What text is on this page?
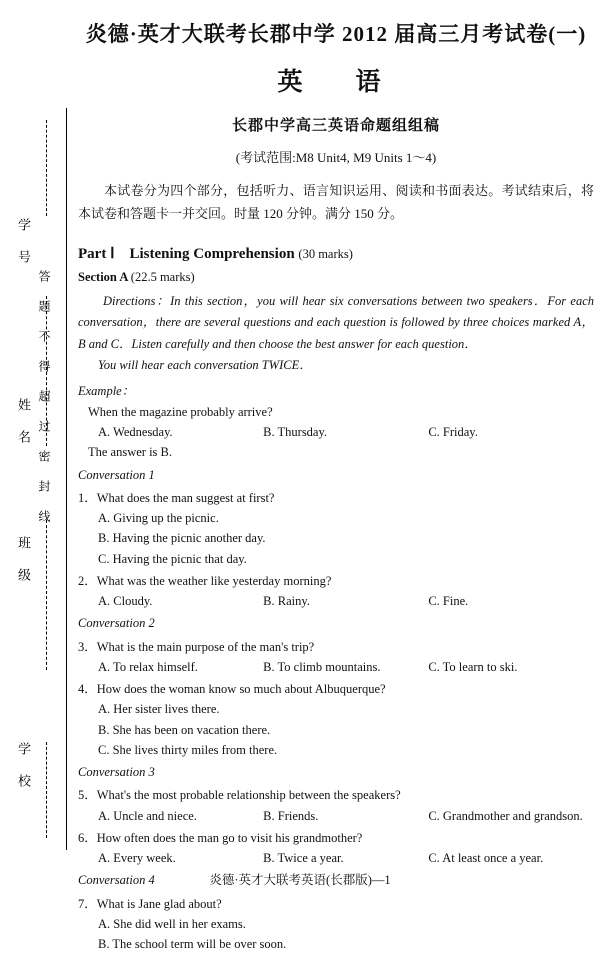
学　号
姓　名
班　级
学　校
答　题　不　得　超　过　密　封　线
炎德·英才大联考长郡中学 2012 届高三月考试卷(一)
英　语
长郡中学高三英语命题组组稿
(考试范围:M8 Unit4, M9 Units 1～4)
本试卷分为四个部分，包括听力、语言知识运用、阅读和书面表达。考试结束后，将本试卷和答题卡一并交回。时量 120 分钟。满分 150 分。
Part Ⅰ　Listening Comprehension (30 marks)
Section A (22.5 marks)
Directions：In this section，you will hear six conversations between two speakers．For each conversation，there are several questions and each question is followed by three choices marked A，B and C．Listen carefully and then choose the best answer for each question．
You will hear each conversation TWICE．
Example：
When the magazine probably arrive?
A. Wednesday.	B. Thursday.	C. Friday.
The answer is B.
Conversation 1
1．What does the man suggest at first?
A. Giving up the picnic.
B. Having the picnic another day.
C. Having the picnic that day.
2．What was the weather like yesterday morning?
A. Cloudy.	B. Rainy.	C. Fine.
Conversation 2
3．What is the main purpose of the man's trip?
A. To relax himself.	B. To climb mountains.	C. To learn to ski.
4．How does the woman know so much about Albuquerque?
A. Her sister lives there.
B. She has been on vacation there.
C. She lives thirty miles from there.
Conversation 3
5．What's the most probable relationship between the speakers?
A. Uncle and niece.	B. Friends.	C. Grandmother and grandson.
6．How often does the man go to visit his grandmother?
A. Every week.	B. Twice a year.	C. At least once a year.
Conversation 4
7．What is Jane glad about?
A. She did well in her exams.
B. The school term will be over soon.
炎德·英才大联考英语(长郡版)—1
